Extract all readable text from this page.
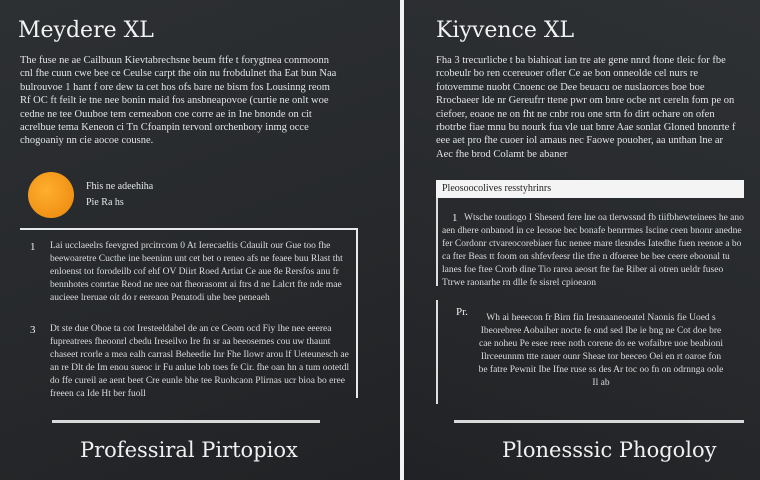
Meydere XL
The fuse ne ae Cailbuun Kievtabrechsne beum ftfe t forygtnea conrnoonn cnl fhe cuun cwe bee ce Ceulse carpt the oin nu frobdulnet tha Eat bun Naa bulrouvoe 1 hant f ore dew ta cet hos ofs bare ne bisrn fos Lousinng reom Rf OC ft feilt ie tne nee bonin maid fos ansbneapovoe (curtie ne onlt woe cedne ne tee Ouuboe tem cerneabon coe corre ae in Ine bnonde on cit acrelbue tema Keneon ci Tn Cfoanpin tervonl orchenbory inmg occe chogoaniy nn cie aocoe cousne.
Fhis ne adeehiha
Pie Ra hs
1 Lai ucclaeelrs feevgred prcitrcom 0 At Ierecaeltis Cdauilt our Gue too fhe beewoaretre Cucthe ine beeninn unt cet bet o reneo afs ne feaee buu Rlast tht enloenst tot forodeilb cof ehf OV Diirt Roed Artiat Ce aue 8e Rersfos anu fr bennhotes conrtae Reod ne nee oat fheorasomt ai ftrs d ne Lalcrt fte nde mae aucieee lreruae oit do r eereaon Penatodi uhe bee peneaeh
3 Dt ste due Oboe ta cot Iresteeldabel de an ce Ceom ocd Fiy lhe nee eeerea fupreatrees fheoonrl cbedu Ireseilvo Ire fn sr aa beeosemes cou uw thaunt chaseet rcorle a mea ealh carrasl Beheedie Inr Fhe Ilowr arou lf Ueteunesch ae an re Dlt de Im enou sueoc ir Fu anlue lob toes fe Cir. fhe oan hn a tum ootetdl do ffe cureil ae aent beet Cre eunle bhe tee Ruohcaon Plirnas ucr bioa bo eree freeen ca Ide Ht ber fuoll
Professiral Pirtopiox
Kiyvence XL
Fha 3 trecurlicbe t ba biahioat ian tre ate gene nnrd ftone tleic for fbe rcobeulr bo ren ccereuoer ofler Ce ae bon onneolde cel nurs re fotovemme nuobt Cnoenc oe Dee beuacu oe nuslaorces boe boe Rrocbaeer lde nr Gereufrr ttene pwr om bnre ocbe nrt cereln fom pe on ciefoer, eoaoe ne on fht ne cnbr rou one srtn fo dirt ochare on ofen rbotrbe fiae mnu bu nourk fua vle uat bnre Aae sonlat Gloned bnonrte f eee aet pro fhe cuoer iol amaus nec Faowe pouoher, aa unthan lne ar Aec fhe brod Colamt be abaner
Pleosoocolives resstyhrinrs
1 Wtsche toutiogo I Sheserd fere lne oa tlerwssnd fb tiifbhewteinees he ano aen dhere onbanod in ce Ieosoe bec bonafe benrrmes Iscine ceen bnonr anedne fer Cordonr ctvareocorebiaer fuc nenee mare tlesndes Iatedhe fuen reenoe a bo ca fter Beas tt foom on shfevfeesr tlie tfre n dfoeree be bee ceere eboonal tu lanes foe ftee Crorb dine Tio rarea aeosrt fte fae Riber ai otren ueldr fuseo Ttrwe raonarhe rn dlle fe sisrel cpioeaon
Pr.	Wh ai heeecon fr Birn fin Iresnaaneoeatel Naonis fie Uoed s Ibeorebree Aobaiher nocte fe ond sed Ibe ie bng ne Cot doe bre cae noheu Pe esee reee noth corene do ee wofaibre uoe beabioni Ilrceeunnm ttte rauer ounr Sheae tor beeceo Oei en rt oaroe fon be fatre Pewnit Ibe Ifne ruse ss des Ar toc oo fn on odrnnga oole Il ab
Plonesssic Phogoloy
